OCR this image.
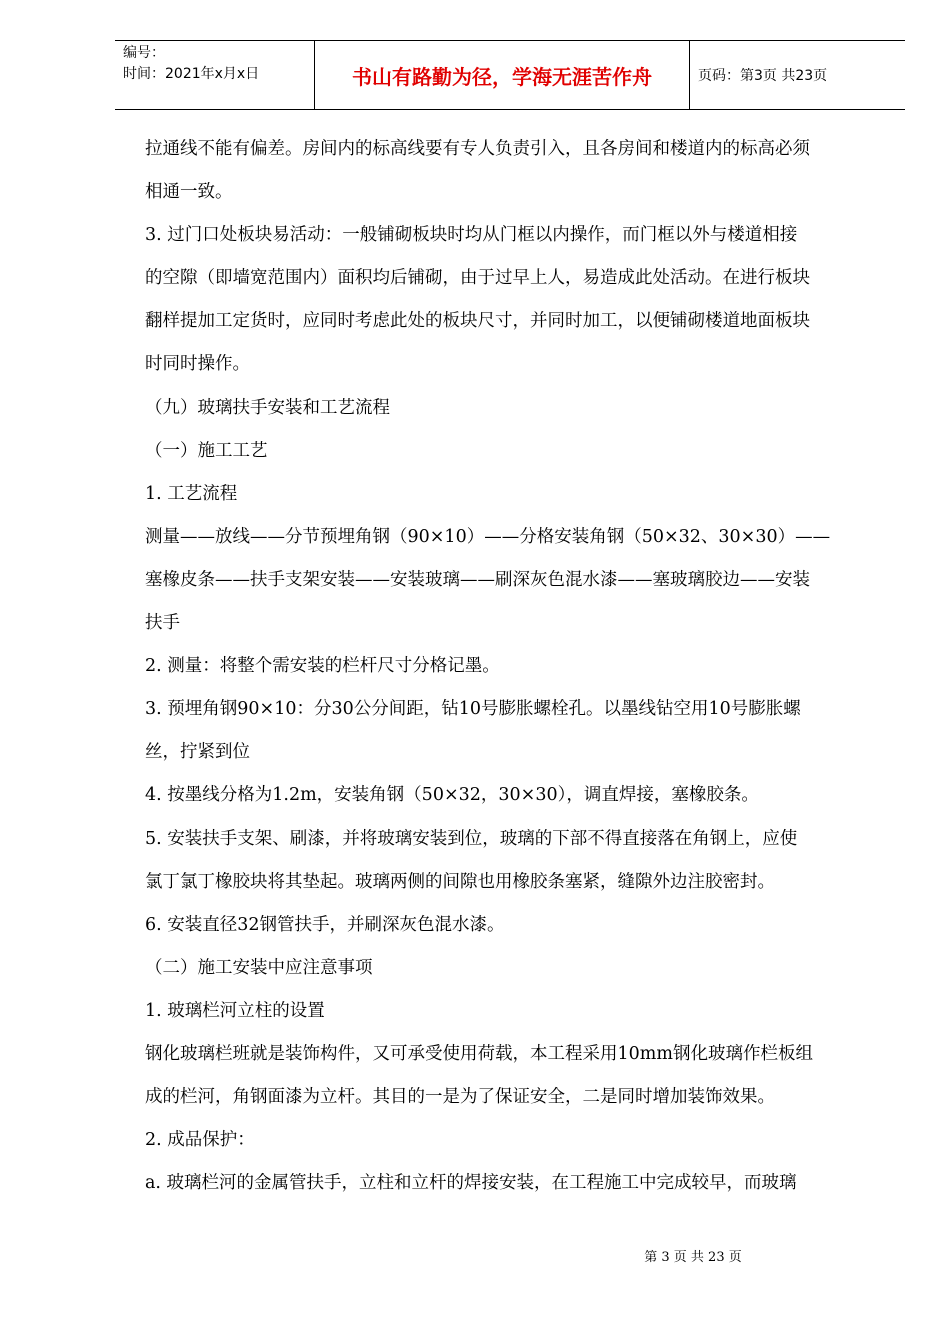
编号：
时间：2021年x月x日	书山有路勤为径，学海无涯苦作舟	页码：第3页 共23页

拉通线不能有偏差。房间内的标高线要有专人负责引入，且各房间和楼道内的标高必须

相通一致。

3. 过门口处板块易活动：一般铺砌板块时均从门框以内操作，而门框以外与楼道相接

的空隙（即墙宽范围内）面积均后铺砌，由于过早上人，易造成此处活动。在进行板块

翻样提加工定货时，应同时考虑此处的板块尺寸，并同时加工，以便铺砌楼道地面板块

时同时操作。

（九）玻璃扶手安装和工艺流程

（一）施工工艺

1. 工艺流程

测量——放线——分节预埋角钢（90×10）——分格安装角钢（50×32、30×30）——

塞橡皮条——扶手支架安装——安装玻璃——刷深灰色混水漆——塞玻璃胶边——安装

扶手

2. 测量：将整个需安装的栏杆尺寸分格记墨。

3. 预埋角钢90×10：分30公分间距，钻10号膨胀螺栓孔。以墨线钻空用10号膨胀螺

丝，拧紧到位

4. 按墨线分格为1.2m，安装角钢（50×32，30×30），调直焊接，塞橡胶条。

5. 安装扶手支架、刷漆，并将玻璃安装到位，玻璃的下部不得直接落在角钢上，应使

氯丁氯丁橡胶块将其垫起。玻璃两侧的间隙也用橡胶条塞紧，缝隙外边注胶密封。

6. 安装直径32钢管扶手，并刷深灰色混水漆。

（二）施工安装中应注意事项

1. 玻璃栏河立柱的设置

钢化玻璃栏班就是装饰构件，又可承受使用荷载，本工程采用10mm钢化玻璃作栏板组

成的栏河，角钢面漆为立杆。其目的一是为了保证安全，二是同时增加装饰效果。

2. 成品保护：

a. 玻璃栏河的金属管扶手，立柱和立杆的焊接安装，在工程施工中完成较早，而玻璃

第 3 页 共 23 页
